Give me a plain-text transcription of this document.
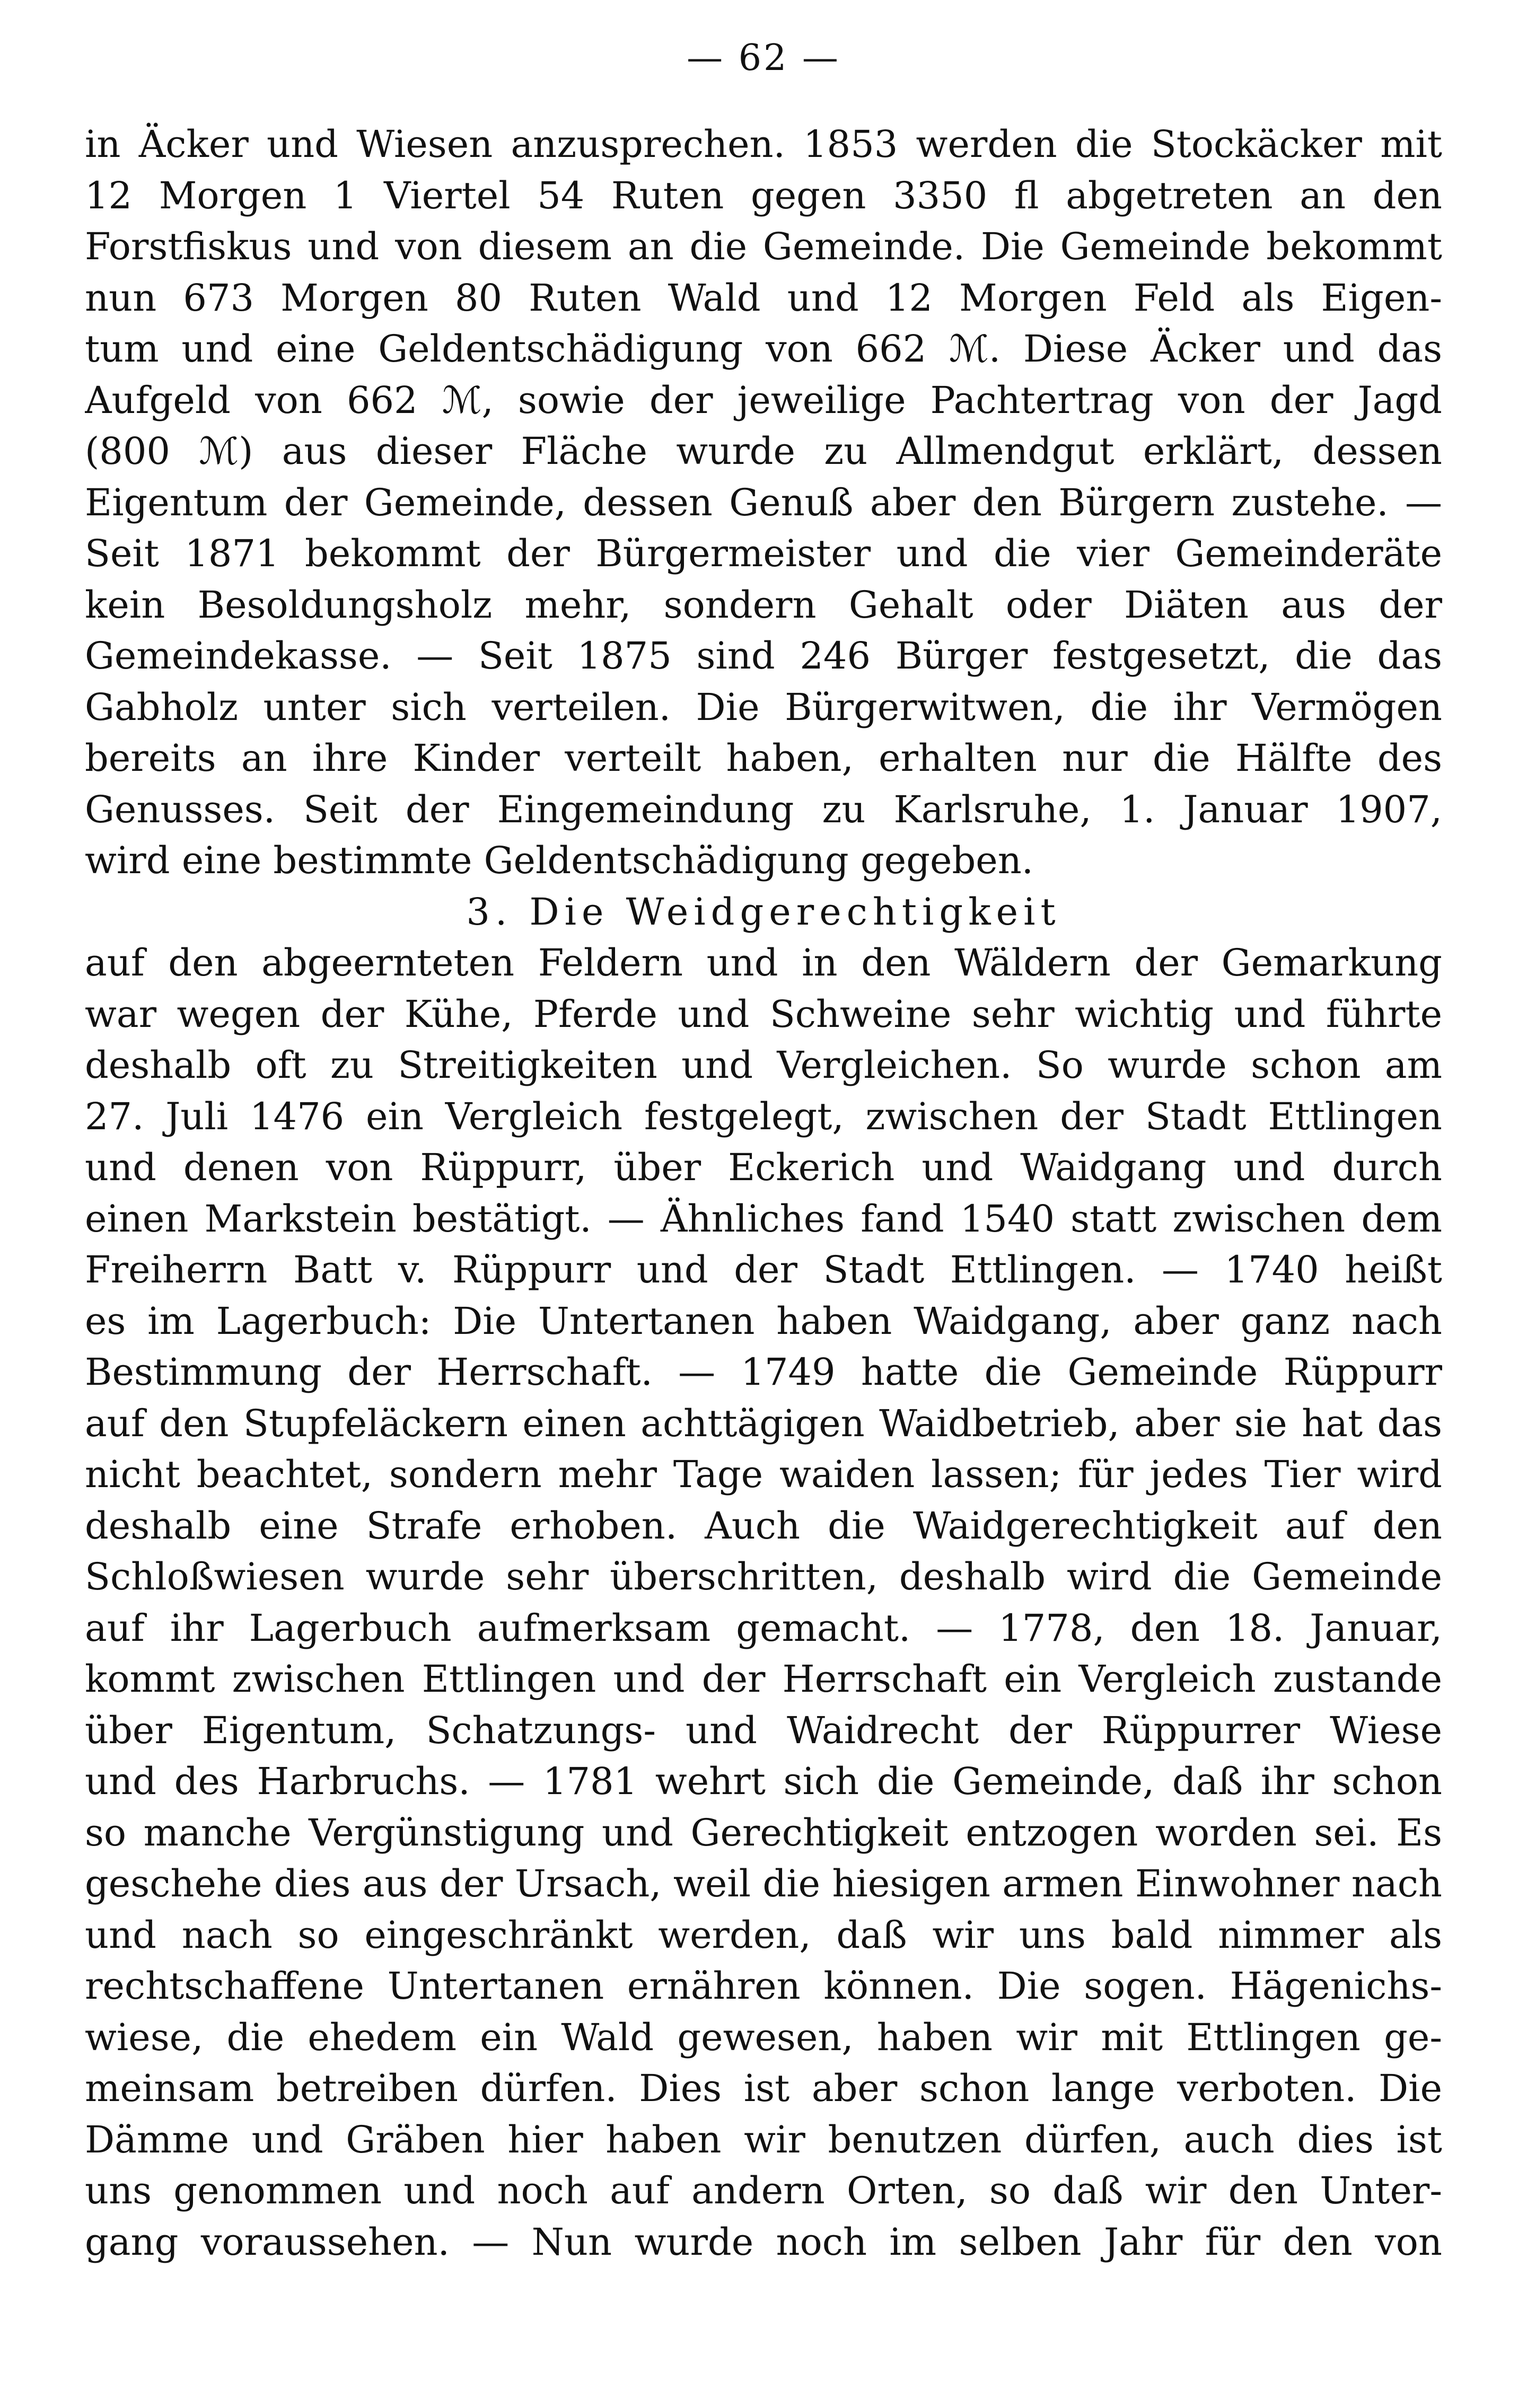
— 62 —
in Äcker und Wiesen anzusprechen. 1853 werden die Stockäcker mit
12 Morgen 1 Viertel 54 Ruten gegen 3350 fl abgetreten an den
Forstfiskus und von diesem an die Gemeinde. Die Gemeinde bekommt
nun 673 Morgen 80 Ruten Wald und 12 Morgen Feld als Eigen-
tum und eine Geldentschädigung von 662 ℳ. Diese Äcker und das
Aufgeld von 662 ℳ, sowie der jeweilige Pachtertrag von der Jagd
(800 ℳ) aus dieser Fläche wurde zu Allmendgut erklärt, dessen
Eigentum der Gemeinde, dessen Genuß aber den Bürgern zustehe. —
Seit 1871 bekommt der Bürgermeister und die vier Gemeinderäte
kein Besoldungsholz mehr, sondern Gehalt oder Diäten aus der
Gemeindekasse. — Seit 1875 sind 246 Bürger festgesetzt, die das
Gabholz unter sich verteilen. Die Bürgerwitwen, die ihr Vermögen
bereits an ihre Kinder verteilt haben, erhalten nur die Hälfte des
Genusses. Seit der Eingemeindung zu Karlsruhe, 1. Januar 1907,
wird eine bestimmte Geldentschädigung gegeben.
3. Die Weidgerechtigkeit
auf den abgeernteten Feldern und in den Wäldern der Gemarkung
war wegen der Kühe, Pferde und Schweine sehr wichtig und führte
deshalb oft zu Streitigkeiten und Vergleichen. So wurde schon am
27. Juli 1476 ein Vergleich festgelegt, zwischen der Stadt Ettlingen
und denen von Rüppurr, über Eckerich und Waidgang und durch
einen Markstein bestätigt. — Ähnliches fand 1540 statt zwischen dem
Freiherrn Batt v. Rüppurr und der Stadt Ettlingen. — 1740 heißt
es im Lagerbuch: Die Untertanen haben Waidgang, aber ganz nach
Bestimmung der Herrschaft. — 1749 hatte die Gemeinde Rüppurr
auf den Stupfeläckern einen achttägigen Waidbetrieb, aber sie hat das
nicht beachtet, sondern mehr Tage waiden lassen; für jedes Tier wird
deshalb eine Strafe erhoben. Auch die Waidgerechtigkeit auf den
Schloßwiesen wurde sehr überschritten, deshalb wird die Gemeinde
auf ihr Lagerbuch aufmerksam gemacht. — 1778, den 18. Januar,
kommt zwischen Ettlingen und der Herrschaft ein Vergleich zustande
über Eigentum, Schatzungs- und Waidrecht der Rüppurrer Wiese
und des Harbruchs. — 1781 wehrt sich die Gemeinde, daß ihr schon
so manche Vergünstigung und Gerechtigkeit entzogen worden sei. Es
geschehe dies aus der Ursach, weil die hiesigen armen Einwohner nach
und nach so eingeschränkt werden, daß wir uns bald nimmer als
rechtschaffene Untertanen ernähren können. Die sogen. Hägenichs-
wiese, die ehedem ein Wald gewesen, haben wir mit Ettlingen ge-
meinsam betreiben dürfen. Dies ist aber schon lange verboten. Die
Dämme und Gräben hier haben wir benutzen dürfen, auch dies ist
uns genommen und noch auf andern Orten, so daß wir den Unter-
gang voraussehen. — Nun wurde noch im selben Jahr für den von
